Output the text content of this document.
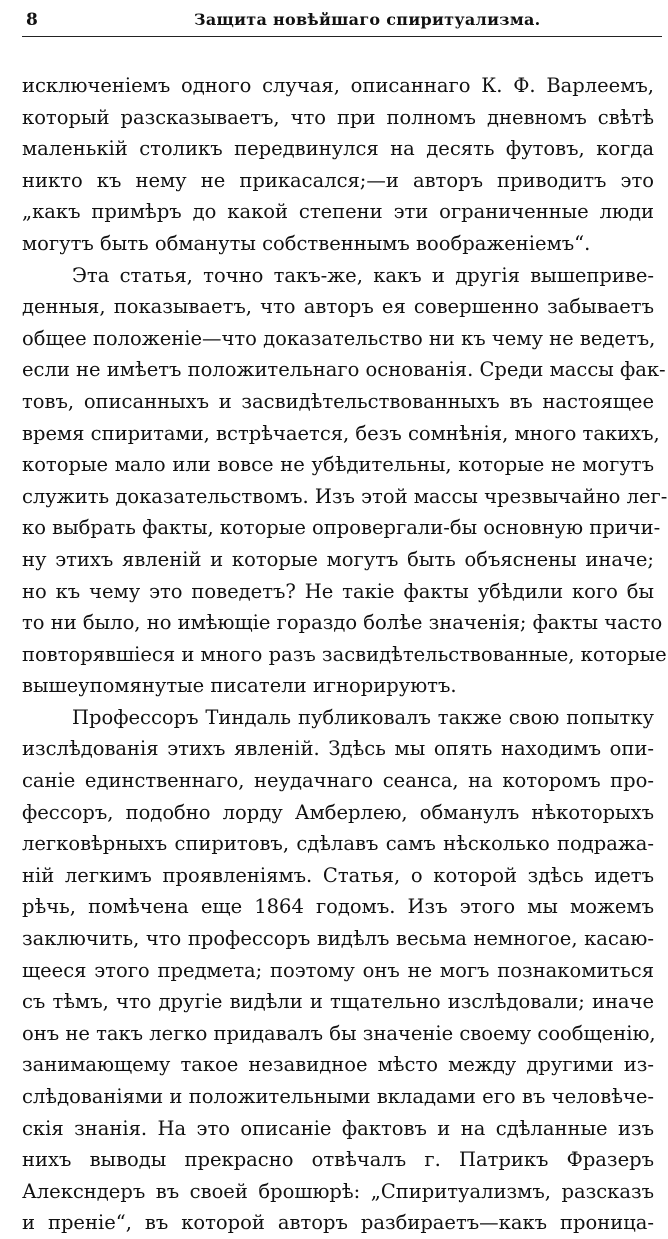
8	Защита новѣйшаго спиритуализма.
исключеніемъ одного случая, описаннаго К. Ф. Варлеемъ,
который разсказываетъ, что при полномъ дневномъ свѣтѣ
маленькій столикъ передвинулся на десять футовъ, когда
никто къ нему не прикасался;—и авторъ приводитъ это
„какъ примѣръ до какой степени эти ограниченные люди
могутъ быть обмануты собственнымъ воображеніемъ“.
Эта статья, точно такъ-же, какъ и другія вышеприве-
денныя, показываетъ, что авторъ ея совершенно забываетъ
общее положеніе—что доказательство ни къ чему не ведетъ,
если не имѣетъ положительнаго основанія. Среди массы фак-
товъ, описанныхъ и засвидѣтельствованныхъ въ настоящее
время спиритами, встрѣчается, безъ сомнѣнія, много такихъ,
которые мало или вовсе не убѣдительны, которые не могутъ
служить доказательствомъ. Изъ этой массы чрезвычайно лег-
ко выбрать факты, которые опровергали-бы основную причи-
ну этихъ явленій и которые могутъ быть объяснены иначе;
но къ чему это поведетъ? Не такіе факты убѣдили кого бы
то ни было, но имѣющіе гораздо болѣе значенія; факты часто
повторявшіеся и много разъ засвидѣтельствованные, которые
вышеупомянутые писатели игнорируютъ.
Профессоръ Тиндаль публиковалъ также свою попытку
изслѣдованія этихъ явленій. Здѣсь мы опять находимъ опи-
саніе единственнаго, неудачнаго сеанса, на которомъ про-
фессоръ, подобно лорду Амберлею, обманулъ нѣкоторыхъ
легковѣрныхъ спиритовъ, сдѣлавъ самъ нѣсколько подража-
ній легкимъ проявленіямъ. Статья, о которой здѣсь идетъ
рѣчь, помѣчена еще 1864 годомъ. Изъ этого мы можемъ
заключить, что профессоръ видѣлъ весьма немногое, касаю-
щееся этого предмета; поэтому онъ не могъ познакомиться
съ тѣмъ, что другіе видѣли и тщательно изслѣдовали; иначе
онъ не такъ легко придавалъ бы значеніе своему сообщенію,
занимающему такое незавидное мѣсто между другими из-
слѣдованіями и положительными вкладами его въ человѣче-
скія знанія. На это описаніе фактовъ и на сдѣланные изъ
нихъ выводы прекрасно отвѣчалъ г. Патрикъ Фразеръ
Алексндеръ въ своей брошюрѣ: „Спиритуализмъ, разсказъ
и преніе“, въ которой авторъ разбираетъ—какъ проница-
